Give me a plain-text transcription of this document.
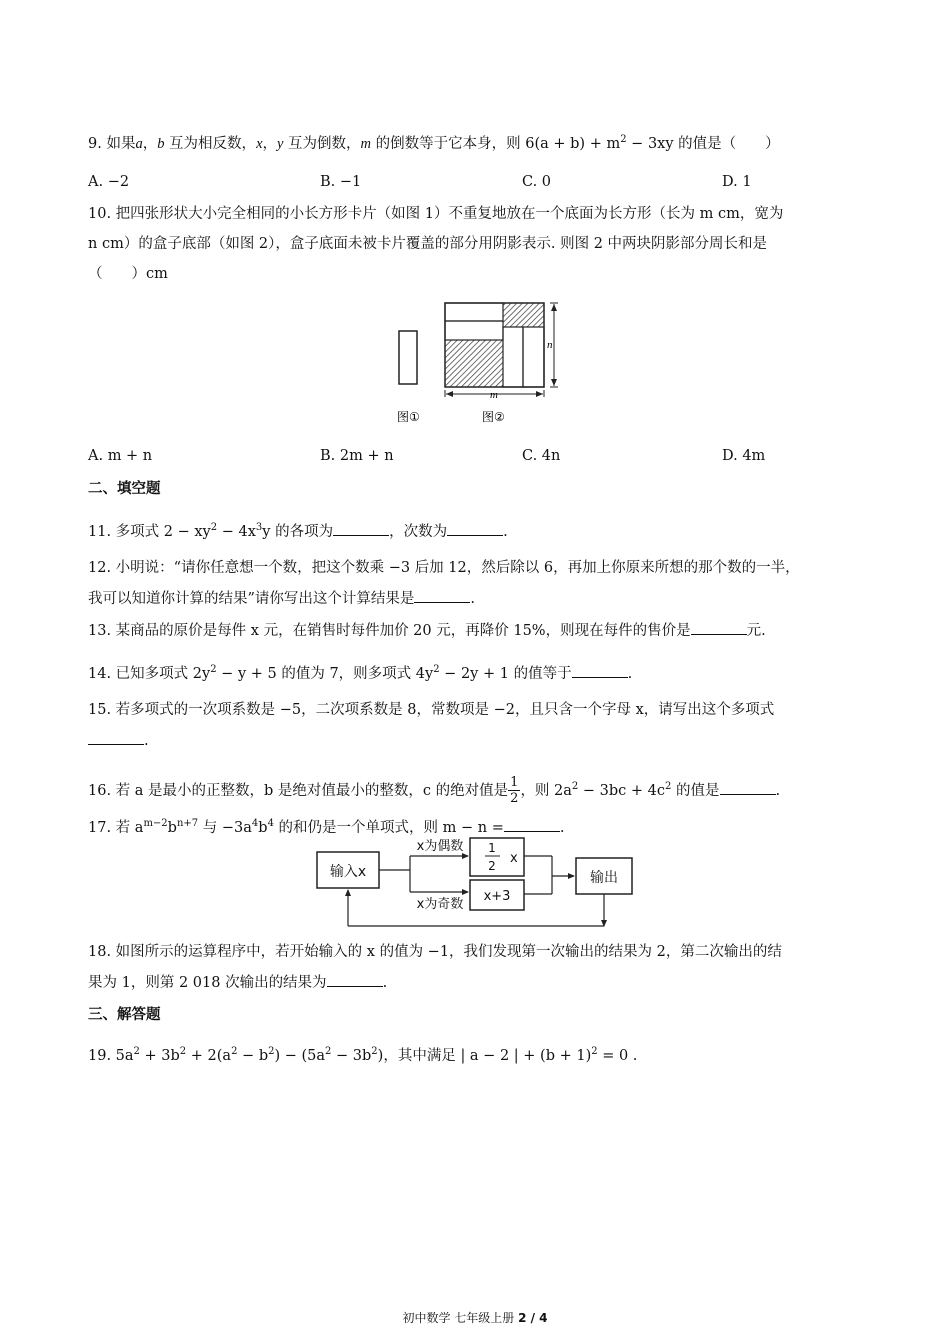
9. 如果a，b 互为相反数，x，y 互为倒数，m 的倒数等于它本身，则 $6(a + b) + m^2 - 3xy$ 的值是（　　）
A. −2	B. −1	C. 0	D. 1
10. 把四张形状大小完全相同的小长方形卡片（如图 1）不重复地放在一个底面为长方形（长为 m cm，宽为
n cm）的盒子底部（如图 2），盒子底面未被卡片覆盖的部分用阴影表示. 则图 2 中两块阴影部分周长和是
（　　）cm
n
m
图①	图②
A. m + n	B. 2m + n	C. 4n	D. 4m
二、填空题
11. 多项式 $2 - xy^2 - 4x^3y$ 的各项为	，次数为	.
12. 小明说：“请你任意想一个数，把这个数乘 −3 后加 12，然后除以 6，再加上你原来所想的那个数的一半，
我可以知道你计算的结果”请你写出这个计算结果是	.
13. 某商品的原价是每件 x 元，在销售时每件加价 20 元，再降价 15%，则现在每件的售价是	元.
14. 已知多项式 $2y^2 - y + 5$ 的值为 7，则多项式 $4y^2 - 2y + 1$ 的值等于	.
15. 若多项式的一次项系数是 −5，二次项系数是 8，常数项是 −2，且只含一个字母 x，请写出这个多项式
.
16. 若 a 是最小的正整数，b 是绝对值最小的整数，c 的绝对值是 $\frac{1}{2}$ ，则 $2a^2 - 3bc + 4c^2$ 的值是	.
17. 若 $a^{m-2}b^{n+7}$ 与 $-3a^4b^4$ 的和仍是一个单项式，则 m − n =	.
输入x
1
2 x
x+3
输出
x为偶数
x为奇数
18. 如图所示的运算程序中，若开始输入的 x 的值为 −1，我们发现第一次输出的结果为 2，第二次输出的结
果为 1，则第 2 018 次输出的结果为	.
三、解答题
19. $5a^2 + 3b^2 + 2(a^2 - b^2) - (5a^2 - 3b^2)$，其中满足 | a − 2 | + $(b + 1)^2 = 0$ .
初中数学 七年级上册 2 / 4
